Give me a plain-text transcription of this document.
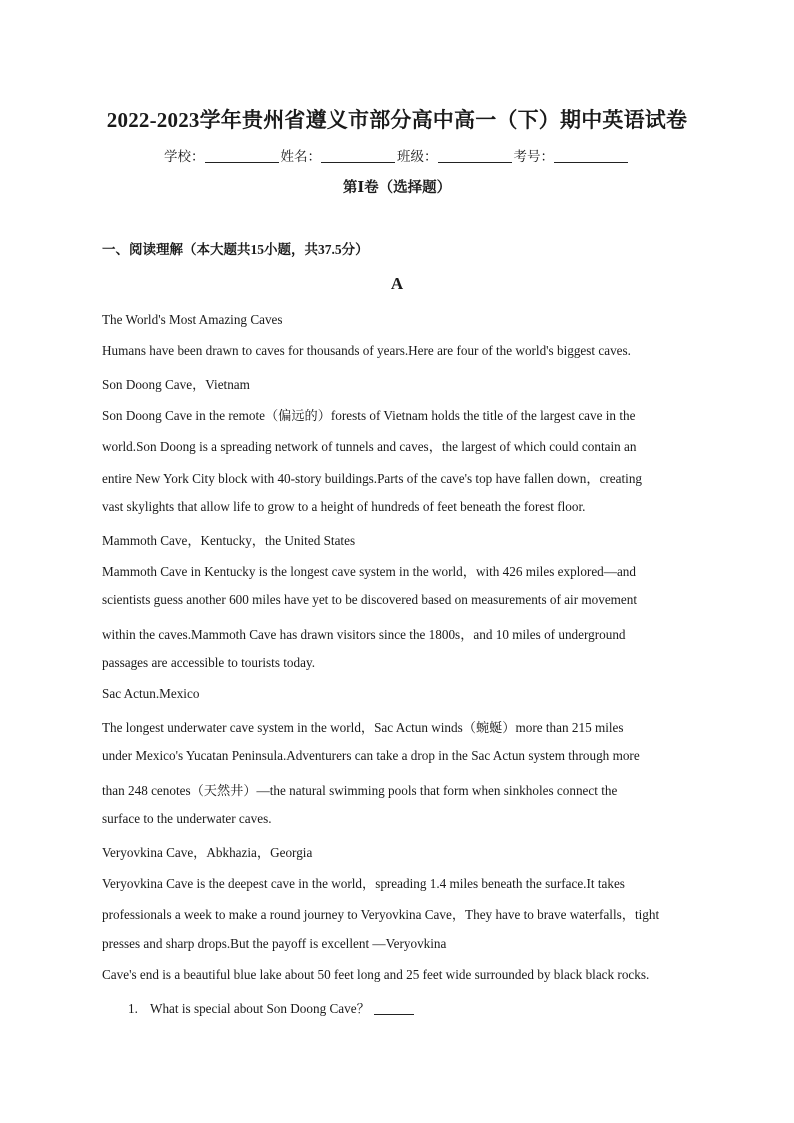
2022-2023学年贵州省遵义市部分高中高一（下）期中英语试卷
学校：	姓名：	班级：	考号：
第Ⅰ卷（选择题）
一、阅读理解（本大题共15小题，共37.5分）
A
The World's Most Amazing Caves
Humans have been drawn to caves for thousands of years.Here are four of the world's biggest caves.
Son Doong Cave，Vietnam
Son Doong Cave in the remote（偏远的）forests of Vietnam holds the title of the largest cave in the
world.Son Doong is a spreading network of tunnels and caves，the largest of which could contain an
entire New York City block with 40-story buildings.Parts of the cave's top have fallen down，creating
vast skylights that allow life to grow to a height of hundreds of feet beneath the forest floor.
Mammoth Cave，Kentucky，the United States
Mammoth Cave in Kentucky is the longest cave system in the world，with 426 miles explored—and
scientists guess another 600 miles have yet to be discovered based on measurements of air movement
within the caves.Mammoth Cave has drawn visitors since the 1800s，and 10 miles of underground
passages are accessible to tourists today.
Sac Actun.Mexico
The longest underwater cave system in the world，Sac Actun winds（蜿蜒）more than 215 miles
under Mexico's Yucatan Peninsula.Adventurers can take a drop in the Sac Actun system through more
than 248 cenotes（天然井）—the natural swimming pools that form when sinkholes connect the
surface to the underwater caves.
Veryovkina Cave，Abkhazia，Georgia
Veryovkina Cave is the deepest cave in the world，spreading 1.4 miles beneath the surface.It takes
professionals a week to make a round journey to Veryovkina Cave，They have to brave waterfalls，tight
presses and sharp drops.But the payoff is excellent —Veryovkina
Cave's end is a beautiful blue lake about 50 feet long and 25 feet wide surrounded by black black rocks.
1. What is special about Son Doong Cave？
